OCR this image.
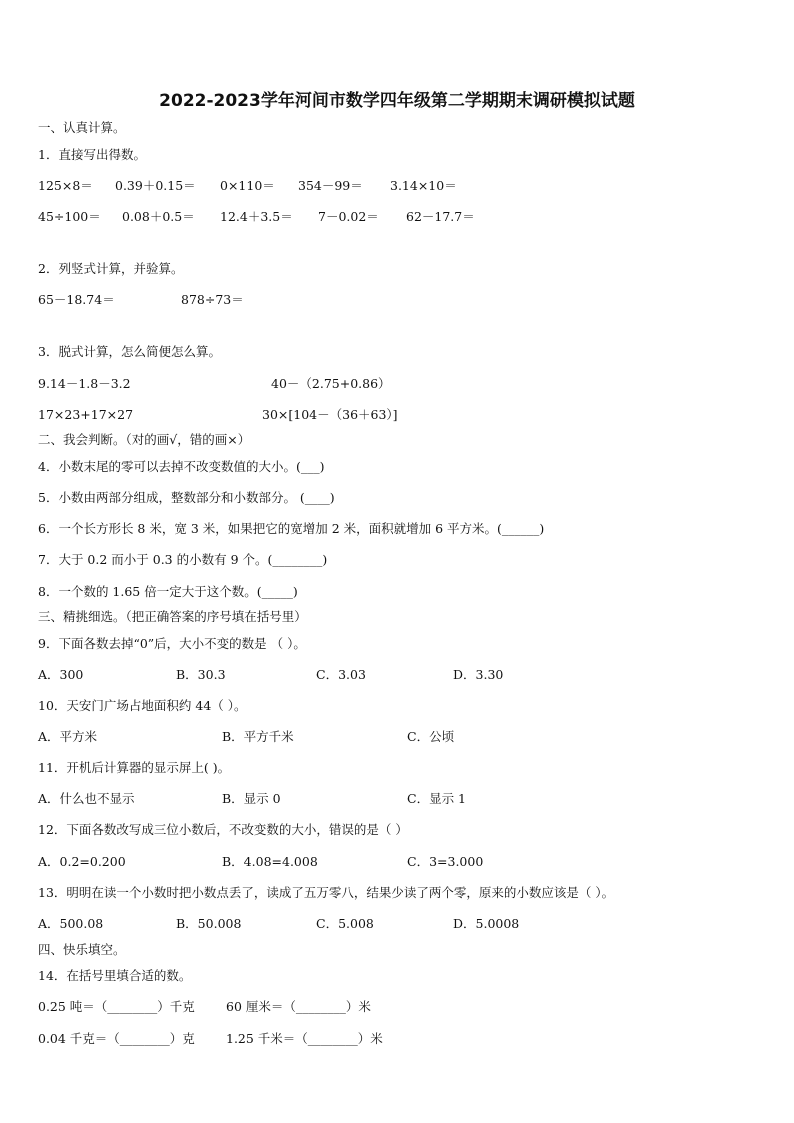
2022-2023学年河间市数学四年级第二学期期末调研模拟试题
一、认真计算。
1．直接写出得数。
125×8＝ 0.39＋0.15＝ 0×110＝ 354－99＝ 3.14×10＝
45÷100＝ 0.08＋0.5＝ 12.4＋3.5＝ 7－0.02＝ 62－17.7＝
2．列竖式计算，并验算。
65－18.74＝	878÷73＝
3．脱式计算，怎么简便怎么算。
9.14－1.8－3.2	40－（2.75+0.86）
17×23+17×27	30×[104－（36＋63）]
二、我会判断。（对的画√，错的画×）
4．小数末尾的零可以去掉不改变数值的大小。(___)
5．小数由两部分组成，整数部分和小数部分。 (____)
6．一个长方形长 8 米，宽 3 米，如果把它的宽增加 2 米，面积就增加 6 平方米。(______)
7．大于 0.2 而小于 0.3 的小数有 9 个。(________)
8．一个数的 1.65 倍一定大于这个数。(_____)
三、精挑细选。（把正确答案的序号填在括号里）
9．下面各数去掉“0”后，大小不变的数是 （ ）。
A．300	B．30.3	C．3.03	D．3.30
10．天安门广场占地面积约 44（ ）。
A．平方米	B．平方千米	C．公顷
11．开机后计算器的显示屏上( )。
A．什么也不显示	B．显示 0	C．显示 1
12．下面各数改写成三位小数后，不改变数的大小，错误的是（ ）
A．0.2=0.200	B．4.08=4.008	C．3=3.000
13．明明在读一个小数时把小数点丢了，读成了五万零八，结果少读了两个零，原来的小数应该是（ ）。
A．500.08	B．50.008	C．5.008	D．5.0008
四、快乐填空。
14．在括号里填合适的数。
0.25 吨＝（________）千克 60 厘米＝（________）米
0.04 千克＝（________）克 1.25 千米＝（________）米
